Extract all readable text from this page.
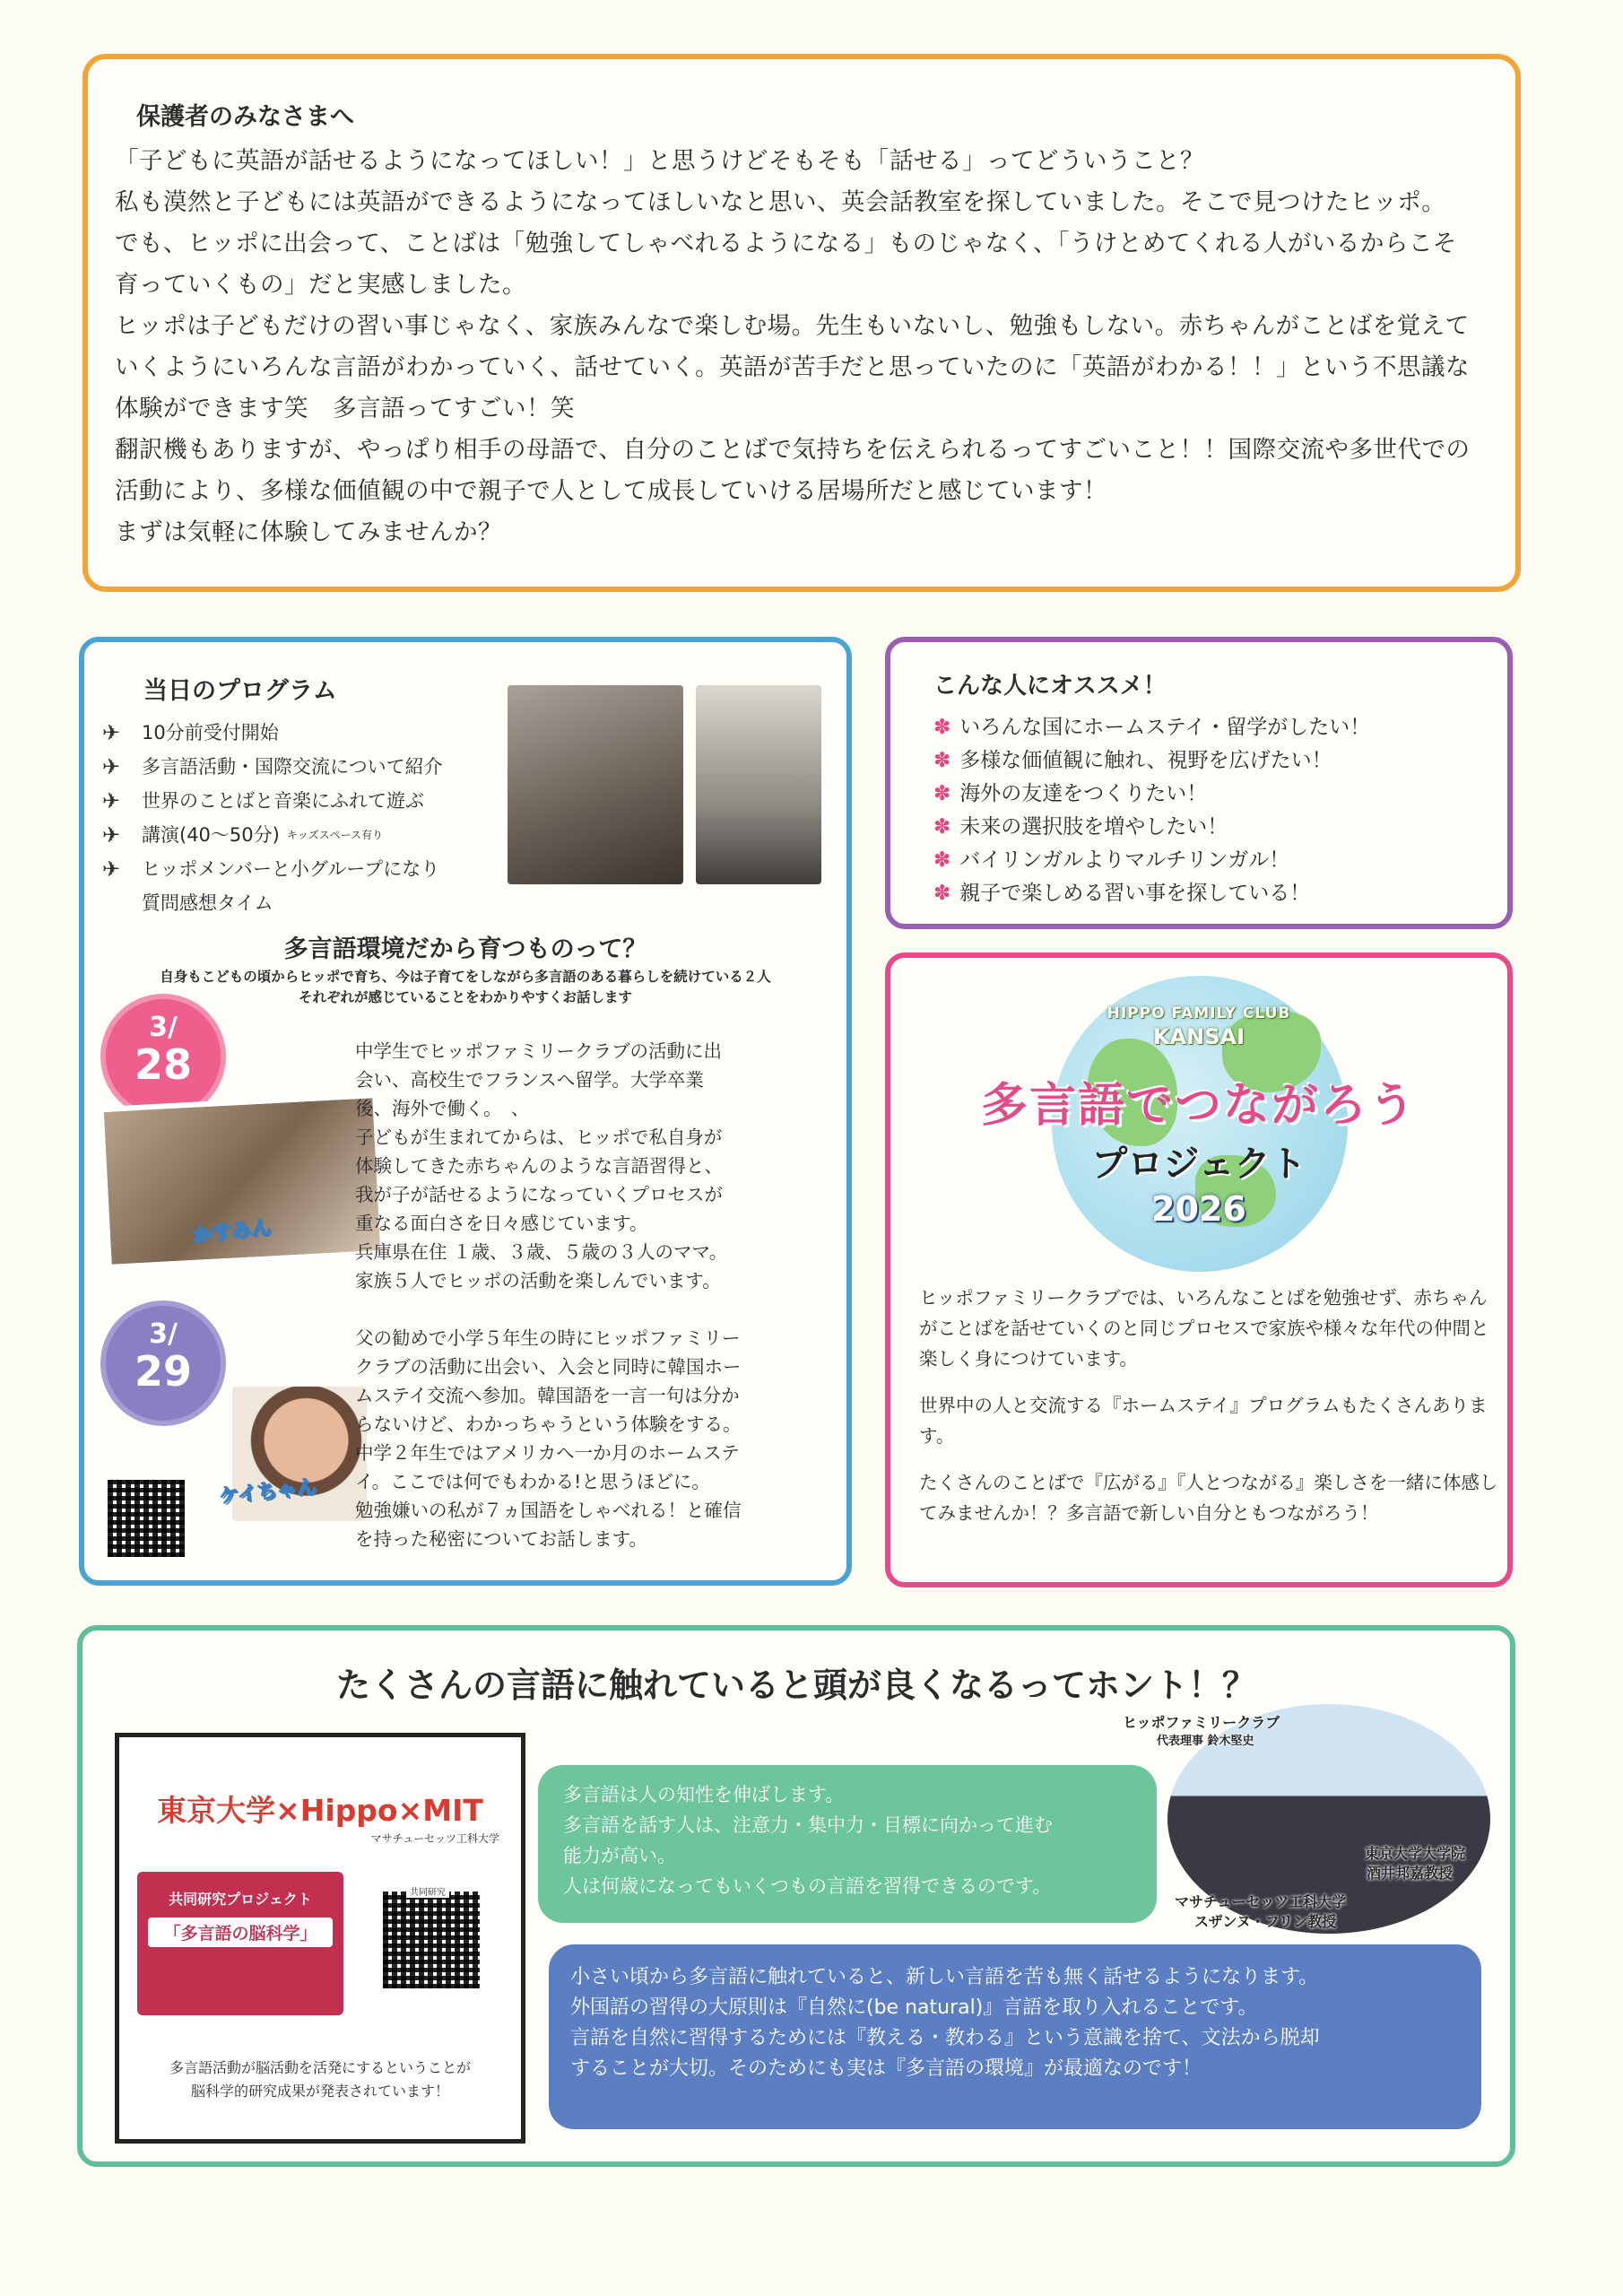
保護者のみなさまへ
「子どもに英語が話せるようになってほしい！」と思うけどそもそも「話せる」ってどういうこと？
私も漠然と子どもには英語ができるようになってほしいなと思い、英会話教室を探していました。そこで見つけたヒッポ。
でも、ヒッポに出会って、ことばは「勉強してしゃべれるようになる」ものじゃなく、「うけとめてくれる人がいるからこそ
育っていくもの」だと実感しました。
ヒッポは子どもだけの習い事じゃなく、家族みんなで楽しむ場。先生もいないし、勉強もしない。赤ちゃんがことばを覚えて
いくようにいろんな言語がわかっていく、話せていく。英語が苦手だと思っていたのに「英語がわかる！！」という不思議な
体験ができます笑　多言語ってすごい！笑
翻訳機もありますが、やっぱり相手の母語で、自分のことばで気持ちを伝えられるってすごいこと！！国際交流や多世代での
活動により、多様な価値観の中で親子で人として成長していける居場所だと感じています！
まずは気軽に体験してみませんか？
当日のプログラム
✈	10分前受付開始
✈	多言語活動・国際交流について紹介
✈	世界のことばと音楽にふれて遊ぶ
✈	講演(40〜50分) キッズスペース有り
✈	ヒッポメンバーと小グループになり
質問感想タイム
多言語環境だから育つものって？
自身もこどもの頃からヒッポで育ち、今は子育てをしながら多言語のある暮らしを続けている２人
それぞれが感じていることをわかりやすくお話します
3/
28
かすみん
中学生でヒッポファミリークラブの活動に出
会い、高校生でフランスへ留学。大学卒業
後、海外で働く。　、
子どもが生まれてからは、ヒッポで私自身が
体験してきた赤ちゃんのような言語習得と、
我が子が話せるようになっていくプロセスが
重なる面白さを日々感じています。
兵庫県在住 １歳、３歳、５歳の３人のママ。
家族５人でヒッポの活動を楽しんでいます。
3/
29
ケイちゃん
父の勧めで小学５年生の時にヒッポファミリー
クラブの活動に出会い、入会と同時に韓国ホー
ムステイ交流へ参加。韓国語を一言一句は分か
らないけど、わかっちゃうという体験をする。
中学２年生ではアメリカへ一か月のホームステ
イ。ここでは何でもわかる!と思うほどに。
勉強嫌いの私が７ヵ国語をしゃべれる！と確信
を持った秘密についてお話します。
こんな人にオススメ！
✽ いろんな国にホームステイ・留学がしたい！
✽ 多様な価値観に触れ、視野を広げたい！
✽ 海外の友達をつくりたい！
✽ 未来の選択肢を増やしたい！
✽ バイリンガルよりマルチリンガル！
✽ 親子で楽しめる習い事を探している！
HIPPO FAMILY CLUB
KANSAI
多言語でつながろう
プロジェクト
2026

ヒッポファミリークラブでは、いろんなことばを勉強せず、赤ちゃんがことばを話せていくのと同じプロセスで家族や様々な年代の仲間と楽しく身につけています。

世界中の人と交流する『ホームステイ』プログラムもたくさんあります。

たくさんのことばで『広がる』『人とつながる』楽しさを一緒に体感してみませんか！？多言語で新しい自分ともつながろう！

たくさんの言語に触れていると頭が良くなるってホント！？
東京大学×Hippo×MIT
マサチューセッツ工科大学
共同研究プロジェクト
「多言語の脳科学」
共同研究
多言語活動が脳活動を活発にするということが
脳科学的研究成果が発表されています！
多言語は人の知性を伸ばします。
多言語を話す人は、注意力・集中力・目標に向かって進む
能力が高い。
人は何歳になってもいくつもの言語を習得できるのです。
ヒッポファミリークラブ
代表理事 鈴木堅史
東京大学大学院
酒井邦嘉教授
マサチューセッツ工科大学
スザンヌ・フリン教授
小さい頃から多言語に触れていると、新しい言語を苦も無く話せるようになります。
外国語の習得の大原則は『自然に(be natural)』言語を取り入れることです。
言語を自然に習得するためには『教える・教わる』という意識を捨て、文法から脱却
することが大切。そのためにも実は『多言語の環境』が最適なのです！
